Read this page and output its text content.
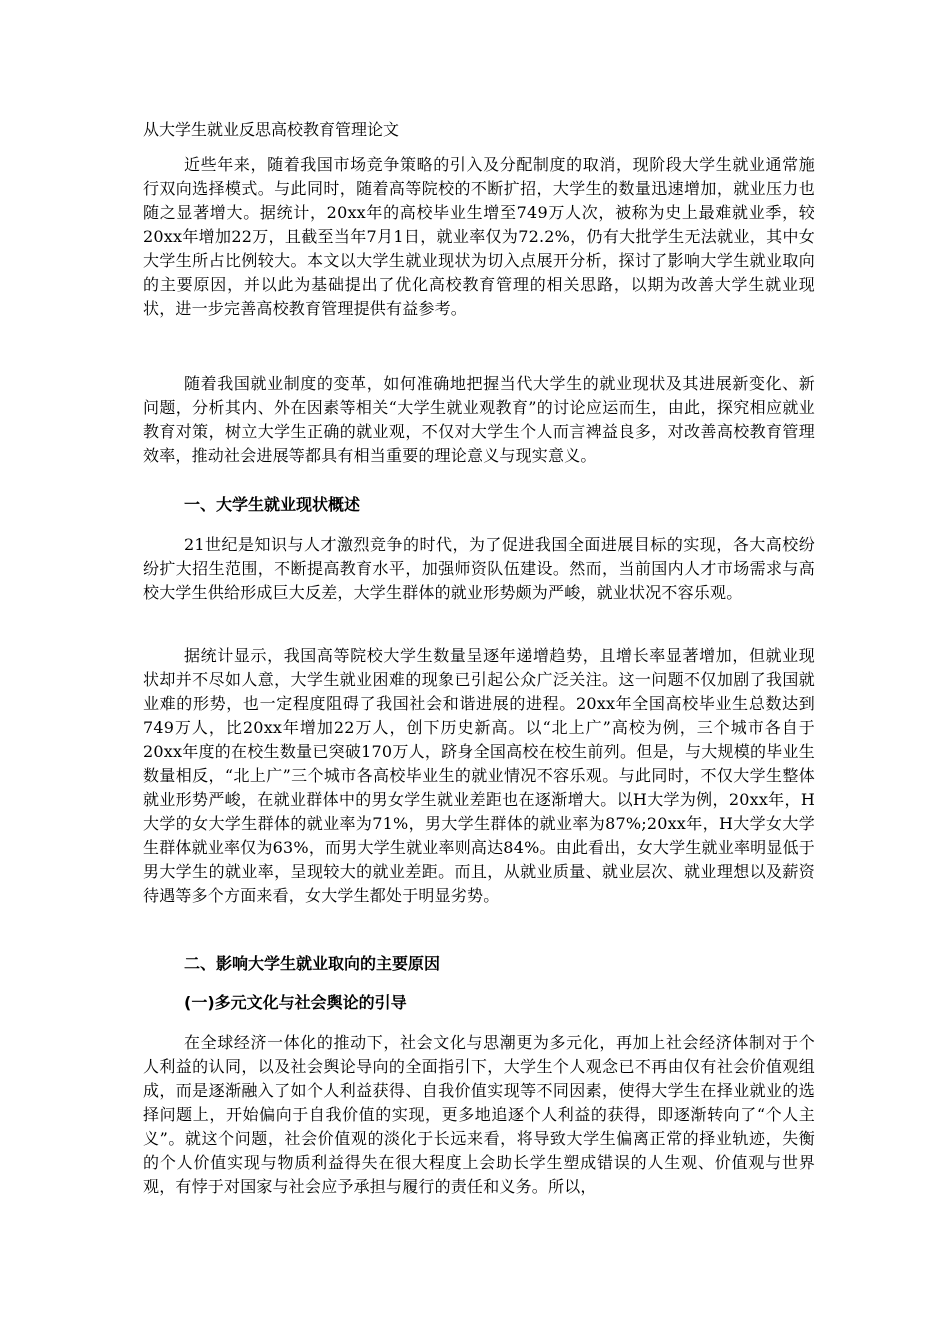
从大学生就业反思高校教育管理论文

近些年来，随着我国市场竞争策略的引入及分配制度的取消，现阶段大学生就业通常施行双向选择模式。与此同时，随着高等院校的不断扩招，大学生的数量迅速增加，就业压力也随之显著增大。据统计，20xx年的高校毕业生增至749万人次，被称为史上最难就业季，较20xx年增加22万，且截至当年7月1日，就业率仅为72.2%，仍有大批学生无法就业，其中女大学生所占比例较大。本文以大学生就业现状为切入点展开分析，探讨了影响大学生就业取向的主要原因，并以此为基础提出了优化高校教育管理的相关思路，以期为改善大学生就业现状，进一步完善高校教育管理提供有益参考。

随着我国就业制度的变革，如何准确地把握当代大学生的就业现状及其进展新变化、新问题，分析其内、外在因素等相关“大学生就业观教育”的讨论应运而生，由此，探究相应就业教育对策，树立大学生正确的就业观，不仅对大学生个人而言裨益良多，对改善高校教育管理效率，推动社会进展等都具有相当重要的理论意义与现实意义。

一、大学生就业现状概述

21世纪是知识与人才激烈竞争的时代，为了促进我国全面进展目标的实现，各大高校纷纷扩大招生范围，不断提高教育水平，加强师资队伍建设。然而，当前国内人才市场需求与高校大学生供给形成巨大反差，大学生群体的就业形势颇为严峻，就业状况不容乐观。

据统计显示，我国高等院校大学生数量呈逐年递增趋势，且增长率显著增加，但就业现状却并不尽如人意，大学生就业困难的现象已引起公众广泛关注。这一问题不仅加剧了我国就业难的形势，也一定程度阻碍了我国社会和谐进展的进程。20xx年全国高校毕业生总数达到749万人，比20xx年增加22万人，创下历史新高。以“北上广”高校为例，三个城市各自于20xx年度的在校生数量已突破170万人，跻身全国高校在校生前列。但是，与大规模的毕业生数量相反，“北上广”三个城市各高校毕业生的就业情况不容乐观。与此同时，不仅大学生整体就业形势严峻，在就业群体中的男女学生就业差距也在逐渐增大。以H大学为例，20xx年，H大学的女大学生群体的就业率为71%，男大学生群体的就业率为87%;20xx年，H大学女大学生群体就业率仅为63%，而男大学生就业率则高达84%。由此看出，女大学生就业率明显低于男大学生的就业率，呈现较大的就业差距。而且，从就业质量、就业层次、就业理想以及薪资待遇等多个方面来看，女大学生都处于明显劣势。

二、影响大学生就业取向的主要原因
(一)多元文化与社会舆论的引导

在全球经济一体化的推动下，社会文化与思潮更为多元化，再加上社会经济体制对于个人利益的认同，以及社会舆论导向的全面指引下，大学生个人观念已不再由仅有社会价值观组成，而是逐渐融入了如个人利益获得、自我价值实现等不同因素，使得大学生在择业就业的选择问题上，开始偏向于自我价值的实现，更多地追逐个人利益的获得，即逐渐转向了“个人主义”。就这个问题，社会价值观的淡化于长远来看，将导致大学生偏离正常的择业轨迹，失衡的个人价值实现与物质利益得失在很大程度上会助长学生塑成错误的人生观、价值观与世界观，有悖于对国家与社会应予承担与履行的责任和义务。所以，
